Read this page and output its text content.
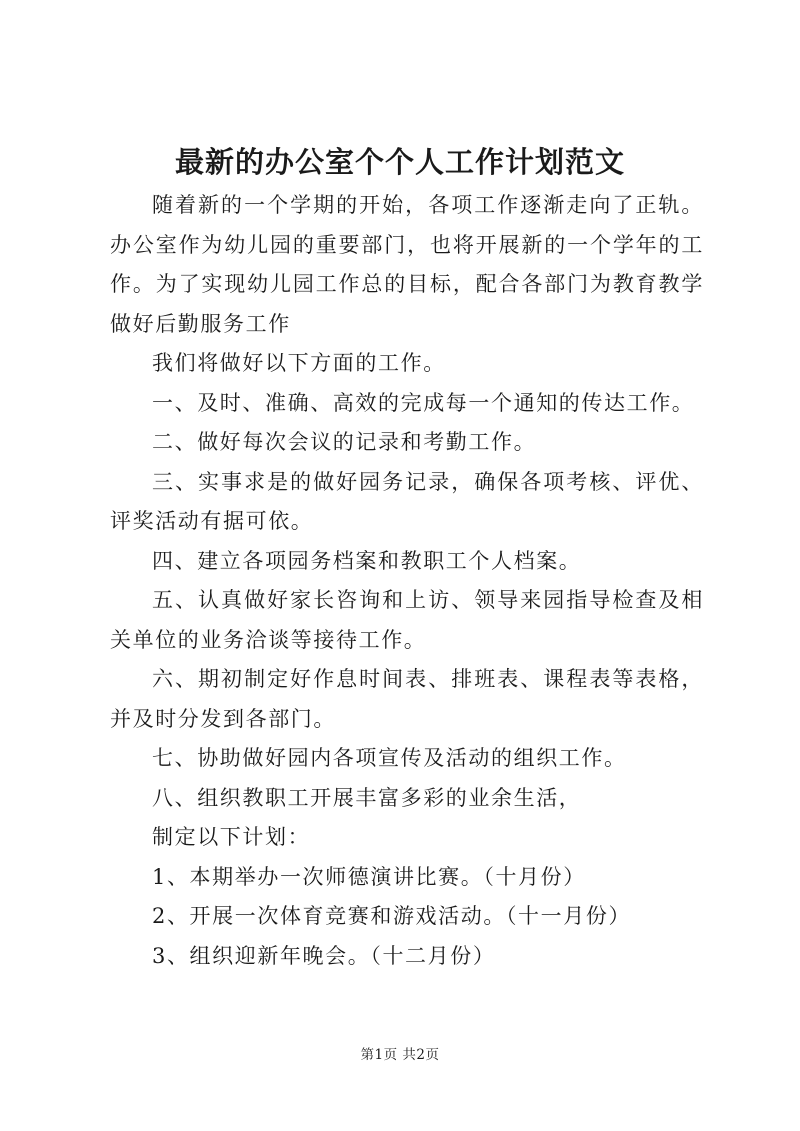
最新的办公室个个人工作计划范文

随着新的一个学期的开始，各项工作逐渐走向了正轨。办公室作为幼儿园的重要部门，也将开展新的一个学年的工作。为了实现幼儿园工作总的目标，配合各部门为教育教学做好后勤服务工作

我们将做好以下方面的工作。

一、及时、准确、高效的完成每一个通知的传达工作。

二、做好每次会议的记录和考勤工作。

三、实事求是的做好园务记录，确保各项考核、评优、评奖活动有据可依。

四、建立各项园务档案和教职工个人档案。

五、认真做好家长咨询和上访、领导来园指导检查及相关单位的业务洽谈等接待工作。

六、期初制定好作息时间表、排班表、课程表等表格，并及时分发到各部门。

七、协助做好园内各项宣传及活动的组织工作。

八、组织教职工开展丰富多彩的业余生活，

制定以下计划：

1、本期举办一次师德演讲比赛。（十月份）

2、开展一次体育竞赛和游戏活动。（十一月份）

3、组织迎新年晚会。（十二月份）

第1页 共2页
